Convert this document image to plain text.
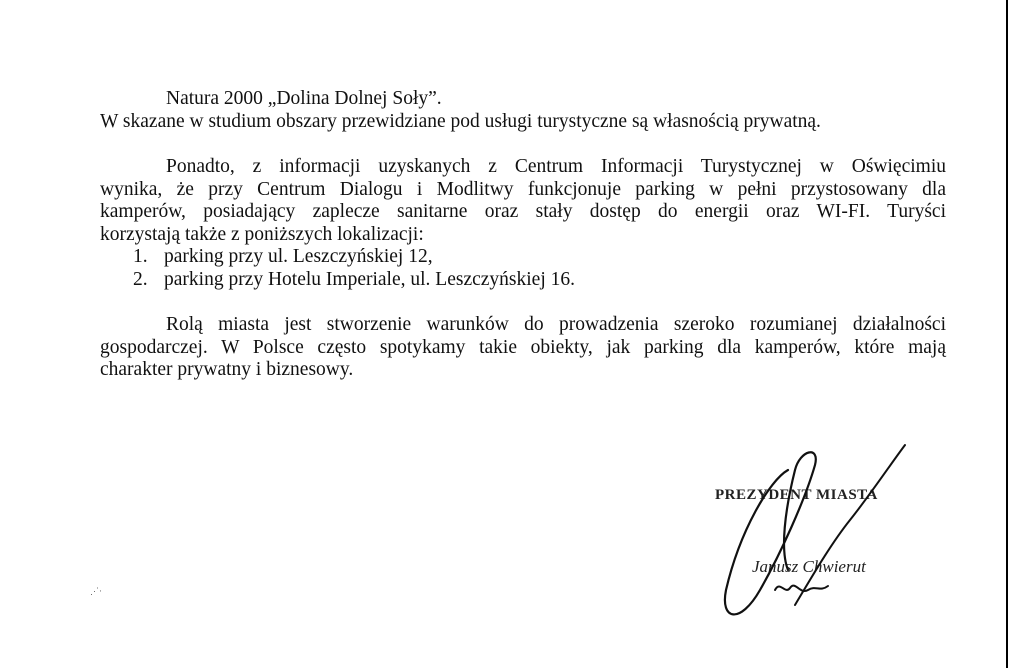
Natura 2000 „Dolina Dolnej Soły”.
W skazane w studium obszary przewidziane pod usługi turystyczne są własnością prywatną.
Ponadto, z informacji uzyskanych z Centrum Informacji Turystycznej w Oświęcimiu
wynika, że przy Centrum Dialogu i Modlitwy funkcjonuje parking w pełni przystosowany dla
kamperów, posiadający zaplecze sanitarne oraz stały dostęp do energii oraz WI-FI. Turyści
korzystają także z poniższych lokalizacji:
1. parking przy ul. Leszczyńskiej 12,
2. parking przy Hotelu Imperiale, ul. Leszczyńskiej 16.
Rolą miasta jest stworzenie warunków do prowadzenia szeroko rozumianej działalności
gospodarczej. W Polsce często spotykamy takie obiekty, jak parking dla kamperów, które mają
charakter prywatny i biznesowy.
PREZYDENT MIASTA
Janusz Chwierut
⋰·
